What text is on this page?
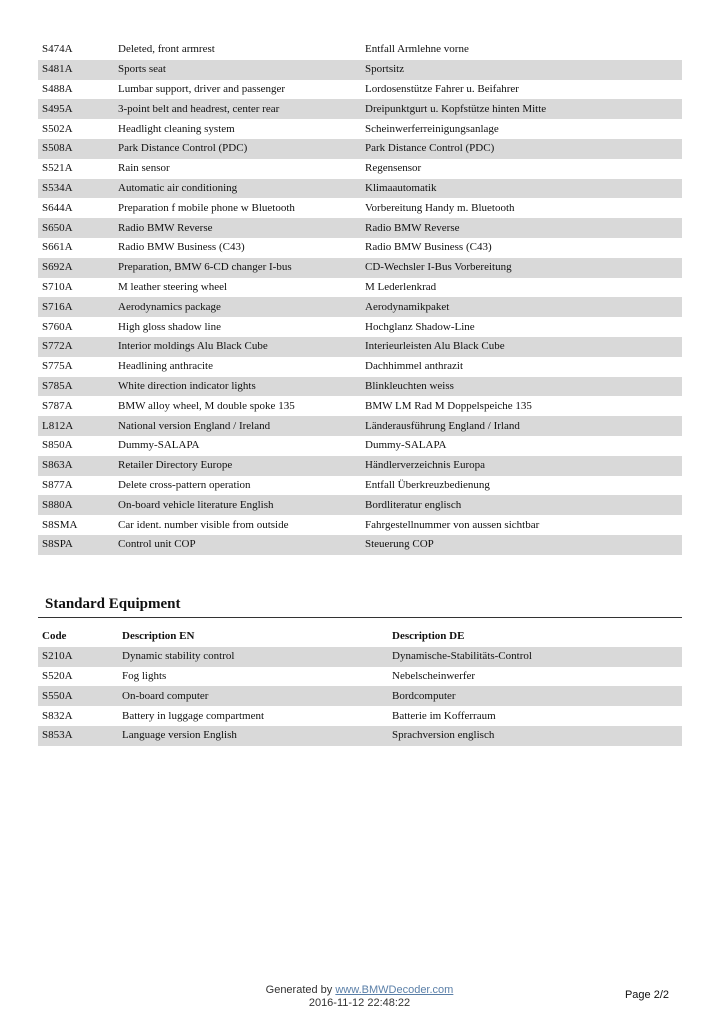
S474A	Deleted, front armrest	Entfall Armlehne vorne
S481A	Sports seat	Sportsitz
S488A	Lumbar support, driver and passenger	Lordosenstütze Fahrer u. Beifahrer
S495A	3-point belt and headrest, center rear	Dreipunktgurt u. Kopfstütze hinten Mitte
S502A	Headlight cleaning system	Scheinwerferreinigungsanlage
S508A	Park Distance Control (PDC)	Park Distance Control (PDC)
S521A	Rain sensor	Regensensor
S534A	Automatic air conditioning	Klimaautomatik
S644A	Preparation f mobile phone w Bluetooth	Vorbereitung Handy m. Bluetooth
S650A	Radio BMW Reverse	Radio BMW Reverse
S661A	Radio BMW Business (C43)	Radio BMW Business (C43)
S692A	Preparation, BMW 6-CD changer I-bus	CD-Wechsler I-Bus Vorbereitung
S710A	M leather steering wheel	M Lederlenkrad
S716A	Aerodynamics package	Aerodynamikpaket
S760A	High gloss shadow line	Hochglanz Shadow-Line
S772A	Interior moldings Alu Black Cube	Interieurleisten Alu Black Cube
S775A	Headlining anthracite	Dachhimmel anthrazit
S785A	White direction indicator lights	Blinkleuchten weiss
S787A	BMW alloy wheel, M double spoke 135	BMW LM Rad M Doppelspeiche 135
L812A	National version England / Ireland	Länderausführung England / Irland
S850A	Dummy-SALAPA	Dummy-SALAPA
S863A	Retailer Directory Europe	Händlerverzeichnis Europa
S877A	Delete cross-pattern operation	Entfall Überkreuzbedienung
S880A	On-board vehicle literature English	Bordliteratur englisch
S8SMA	Car ident. number visible from outside	Fahrgestellnummer von aussen sichtbar
S8SPA	Control unit COP	Steuerung COP
Standard Equipment
Code	Description EN	Description DE
S210A	Dynamic stability control	Dynamische-Stabilitäts-Control
S520A	Fog lights	Nebelscheinwerfer
S550A	On-board computer	Bordcomputer
S832A	Battery in luggage compartment	Batterie im Kofferraum
S853A	Language version English	Sprachversion englisch
Generated by www.BMWDecoder.com
2016-11-12 22:48:22
Page 2/2
